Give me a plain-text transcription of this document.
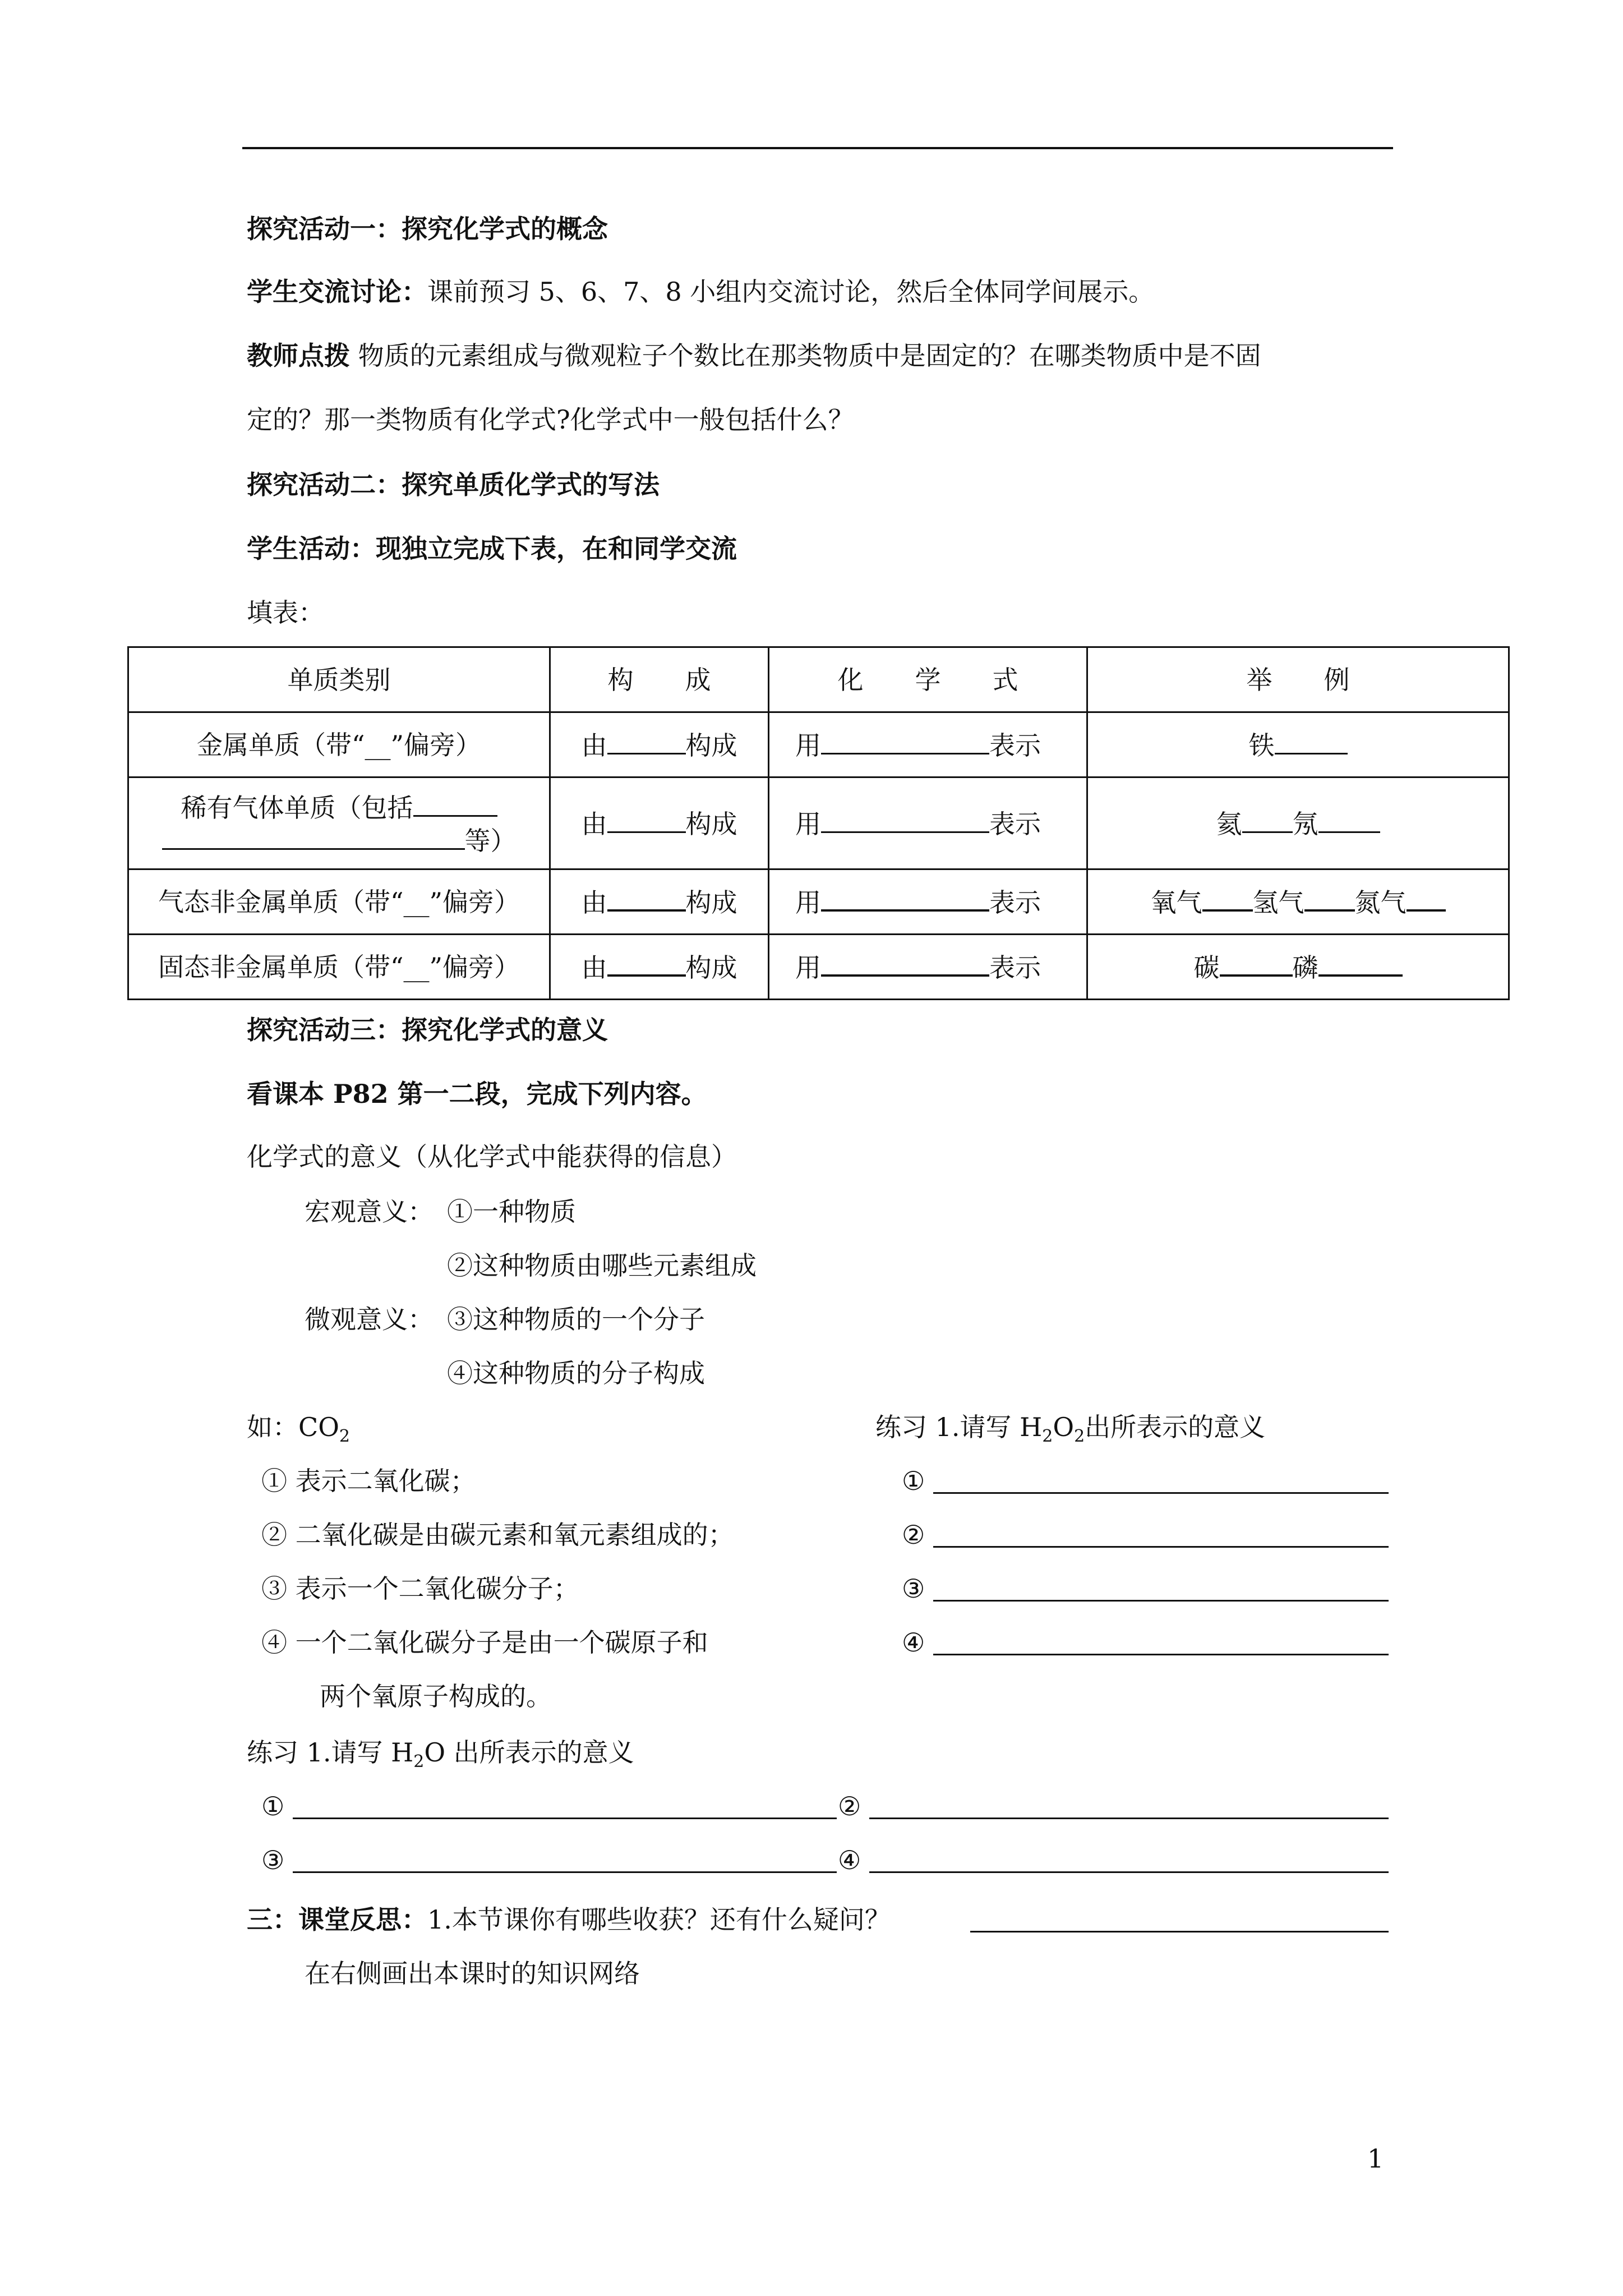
探究活动一：探究化学式的概念
学生交流讨论：课前预习 5、6、7、8 小组内交流讨论，然后全体同学间展示。
教师点拨 物质的元素组成与微观粒子个数比在那类物质中是固定的？在哪类物质中是不固
定的？那一类物质有化学式?化学式中一般包括什么？
探究活动二：探究单质化学式的写法
学生活动：现独立完成下表，在和同学交流
填表：
单质类别	构　　成	化　　学　　式	举　　例
金属单质（带“__”偏旁）	由 构成	用 表示	铁
稀有气体单质（包括
等）	由 构成	用 表示	氦 氖
气态非金属单质（带“__”偏旁）	由 构成	用 表示	氧气 氢气 氮气
固态非金属单质（带“__”偏旁）	由 构成	用 表示	碳 磷
探究活动三：探究化学式的意义
看课本 P82 第一二段，完成下列内容。
化学式的意义（从化学式中能获得的信息）
宏观意义： ①一种物质
②这种物质由哪些元素组成
微观意义： ③这种物质的一个分子
④这种物质的分子构成
如：$CO_2$
① 表示二氧化碳；
② 二氧化碳是由碳元素和氧元素组成的；
③ 表示一个二氧化碳分子；
④ 一个二氧化碳分子是由一个碳原子和
两个氧原子构成的。
练习 1.请写 $H_2O_2$出所表示的意义
①
②
③
④
练习 1.请写 $H_2O$ 出所表示的意义
①	②
③	④
三：课堂反思：1.本节课你有哪些收获？还有什么疑问？
在右侧画出本课时的知识网络
1
